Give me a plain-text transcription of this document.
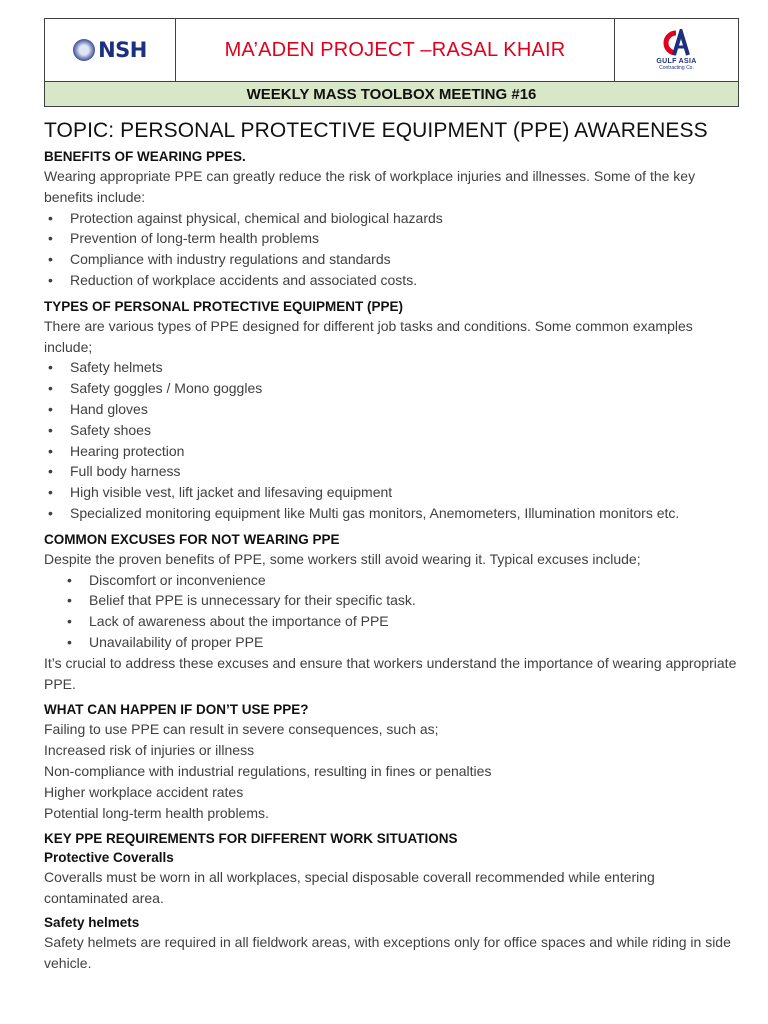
NSH	MA’ADEN PROJECT –RASAL KHAIR
GULF ASIA
Contracting Co.
WEEKLY MASS TOOLBOX MEETING #16
TOPIC: PERSONAL PROTECTIVE EQUIPMENT (PPE) AWARENESS
BENEFITS OF WEARING PPES.
Wearing appropriate PPE can greatly reduce the risk of workplace injuries and illnesses. Some of the key benefits include:
• Protection against physical, chemical and biological hazards
• Prevention of long-term health problems
• Compliance with industry regulations and standards
• Reduction of workplace accidents and associated costs.
TYPES OF PERSONAL PROTECTIVE EQUIPMENT (PPE)
There are various types of PPE designed for different job tasks and conditions. Some common examples include;
• Safety helmets
• Safety goggles / Mono goggles
• Hand gloves
• Safety shoes
• Hearing protection
• Full body harness
• High visible vest, lift jacket and lifesaving equipment
• Specialized monitoring equipment like Multi gas monitors, Anemometers, Illumination monitors etc.
COMMON EXCUSES FOR NOT WEARING PPE
Despite the proven benefits of PPE, some workers still avoid wearing it. Typical excuses include;
• Discomfort or inconvenience
• Belief that PPE is unnecessary for their specific task.
• Lack of awareness about the importance of PPE
• Unavailability of proper PPE
It’s crucial to address these excuses and ensure that workers understand the importance of wearing appropriate PPE.
WHAT CAN HAPPEN IF DON’T USE PPE?
Failing to use PPE can result in severe consequences, such as;
Increased risk of injuries or illness
Non-compliance with industrial regulations, resulting in fines or penalties
Higher workplace accident rates
Potential long-term health problems.
KEY PPE REQUIREMENTS FOR DIFFERENT WORK SITUATIONS
Protective Coveralls
Coveralls must be worn in all workplaces, special disposable coverall recommended while entering contaminated area.
Safety helmets
Safety helmets are required in all fieldwork areas, with exceptions only for office spaces and while riding in side vehicle.
